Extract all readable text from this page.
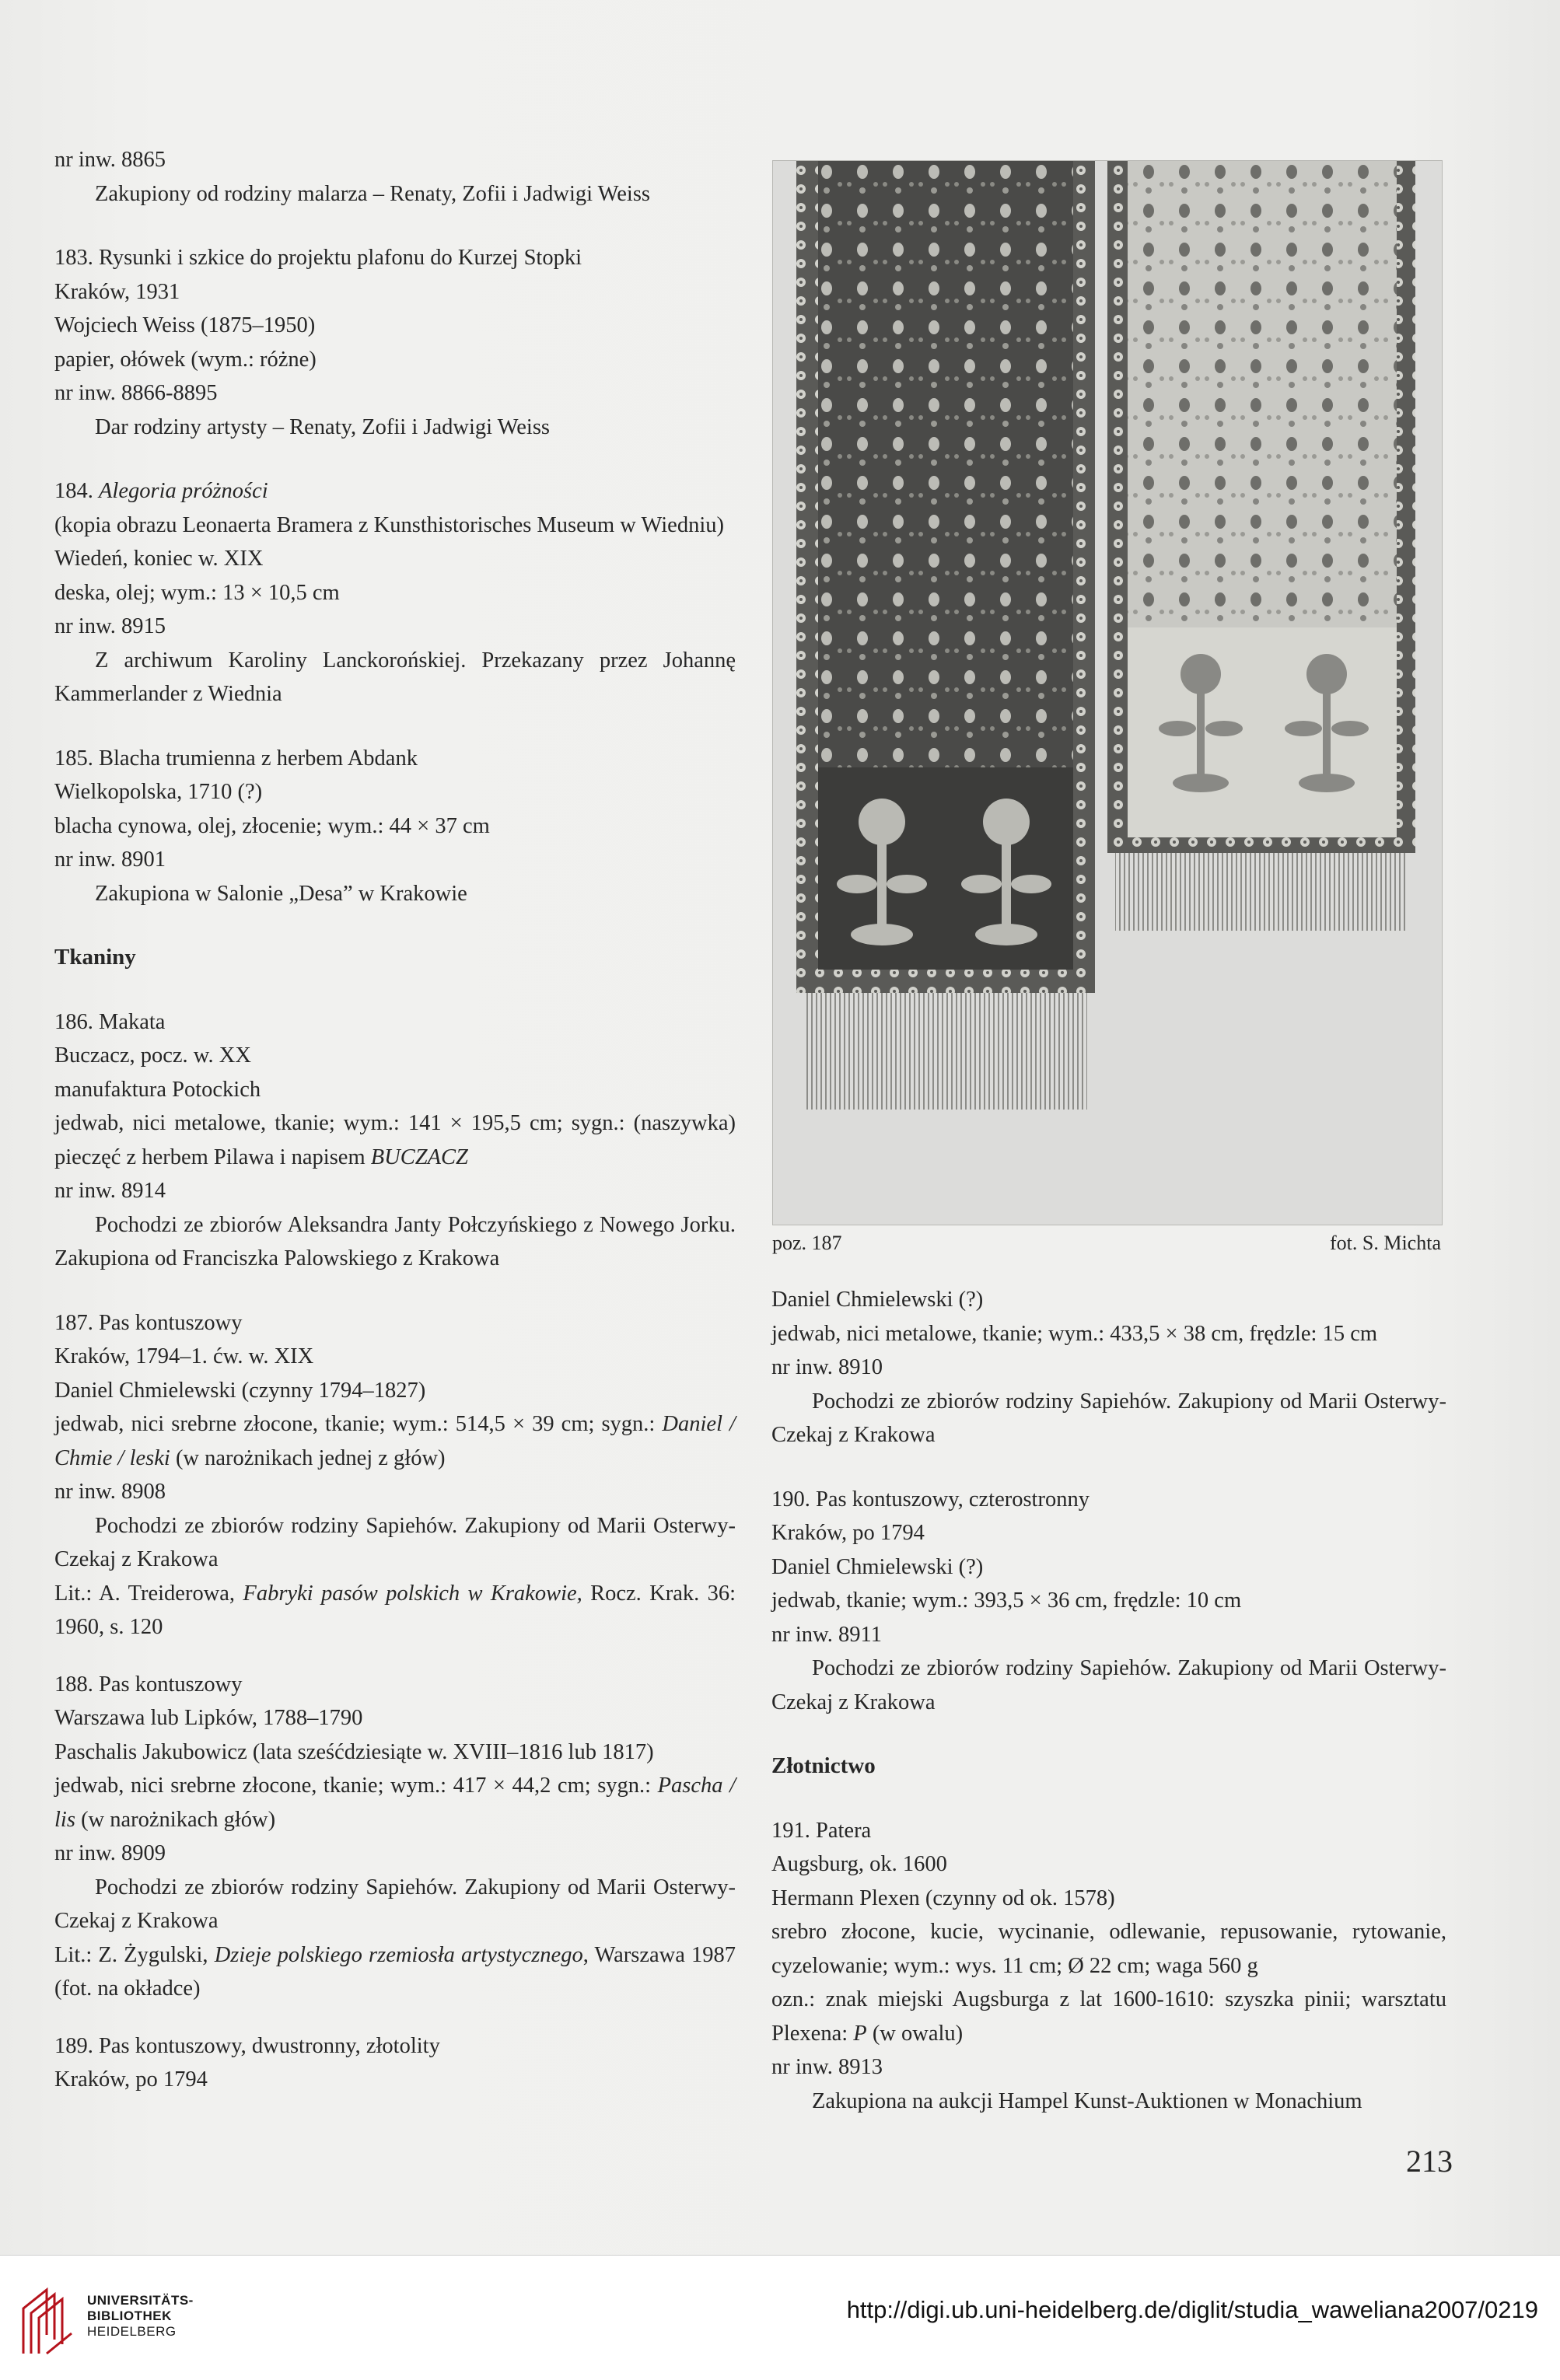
nr inw. 8865

Zakupiony od rodziny malarza – Renaty, Zofii i Jadwigi Weiss

183. Rysunki i szkice do projektu plafonu do Kurzej Stopki

Kraków, 1931

Wojciech Weiss (1875–1950)

papier, ołówek (wym.: różne)

nr inw. 8866-8895

Dar rodziny artysty – Renaty, Zofii i Jadwigi Weiss

184. Alegoria próżności

(kopia obrazu Leonaerta Bramera z Kunsthistorisches Museum w Wiedniu)

Wiedeń, koniec w. XIX

deska, olej; wym.: 13 × 10,5 cm

nr inw. 8915

Z archiwum Karoliny Lanckorońskiej. Przekazany przez Johannę Kammerlander z Wiednia

185. Blacha trumienna z herbem Abdank

Wielkopolska, 1710 (?)

blacha cynowa, olej, złocenie; wym.: 44 × 37 cm

nr inw. 8901

Zakupiona w Salonie „Desa” w Krakowie

Tkaniny

186. Makata

Buczacz, pocz. w. XX

manufaktura Potockich

jedwab, nici metalowe, tkanie; wym.: 141 × 195,5 cm; sygn.: (naszywka) pieczęć z herbem Pilawa i napisem BUCZACZ

nr inw. 8914

Pochodzi ze zbiorów Aleksandra Janty Połczyńskiego z Nowego Jorku. Zakupiona od Franciszka Palowskiego z Krakowa

187. Pas kontuszowy

Kraków, 1794–1. ćw. w. XIX

Daniel Chmielewski (czynny 1794–1827)

jedwab, nici srebrne złocone, tkanie; wym.: 514,5 × 39 cm; sygn.: Daniel / Chmie / leski (w narożnikach jednej z głów)

nr inw. 8908

Pochodzi ze zbiorów rodziny Sapiehów. Zakupiony od Marii Osterwy-Czekaj z Krakowa

Lit.: A. Treiderowa, Fabryki pasów polskich w Krakowie, Rocz. Krak. 36: 1960, s. 120

188. Pas kontuszowy

Warszawa lub Lipków, 1788–1790

Paschalis Jakubowicz (lata sześćdziesiąte w. XVIII–1816 lub 1817)

jedwab, nici srebrne złocone, tkanie; wym.: 417 × 44,2 cm; sygn.: Pascha / lis (w narożnikach głów)

nr inw. 8909

Pochodzi ze zbiorów rodziny Sapiehów. Zakupiony od Marii Osterwy-Czekaj z Krakowa

Lit.: Z. Żygulski, Dzieje polskiego rzemiosła artystycznego, Warszawa 1987 (fot. na okładce)

189. Pas kontuszowy, dwustronny, złotolity

Kraków, po 1794

poz. 187	fot. S. Michta

Daniel Chmielewski (?)

jedwab, nici metalowe, tkanie; wym.: 433,5 × 38 cm, frędzle: 15 cm

nr inw. 8910

Pochodzi ze zbiorów rodziny Sapiehów. Zakupiony od Marii Osterwy-Czekaj z Krakowa

190. Pas kontuszowy, czterostronny

Kraków, po 1794

Daniel Chmielewski (?)

jedwab, tkanie; wym.: 393,5 × 36 cm, frędzle: 10 cm

nr inw. 8911

Pochodzi ze zbiorów rodziny Sapiehów. Zakupiony od Marii Osterwy-Czekaj z Krakowa

Złotnictwo

191. Patera

Augsburg, ok. 1600

Hermann Plexen (czynny od ok. 1578)

srebro złocone, kucie, wycinanie, odlewanie, repusowanie, rytowanie, cyzelowanie; wym.: wys. 11 cm; Ø 22 cm; waga 560 g

ozn.: znak miejski Augsburga z lat 1600-1610: szyszka pinii; warsztatu Plexena: P (w owalu)

nr inw. 8913

Zakupiona na aukcji Hampel Kunst-Auktionen w Monachium

213
UNIVERSITÄTS-
BIBLIOTHEK
HEIDELBERG
http://digi.ub.uni-heidelberg.de/diglit/studia_waweliana2007/0219
